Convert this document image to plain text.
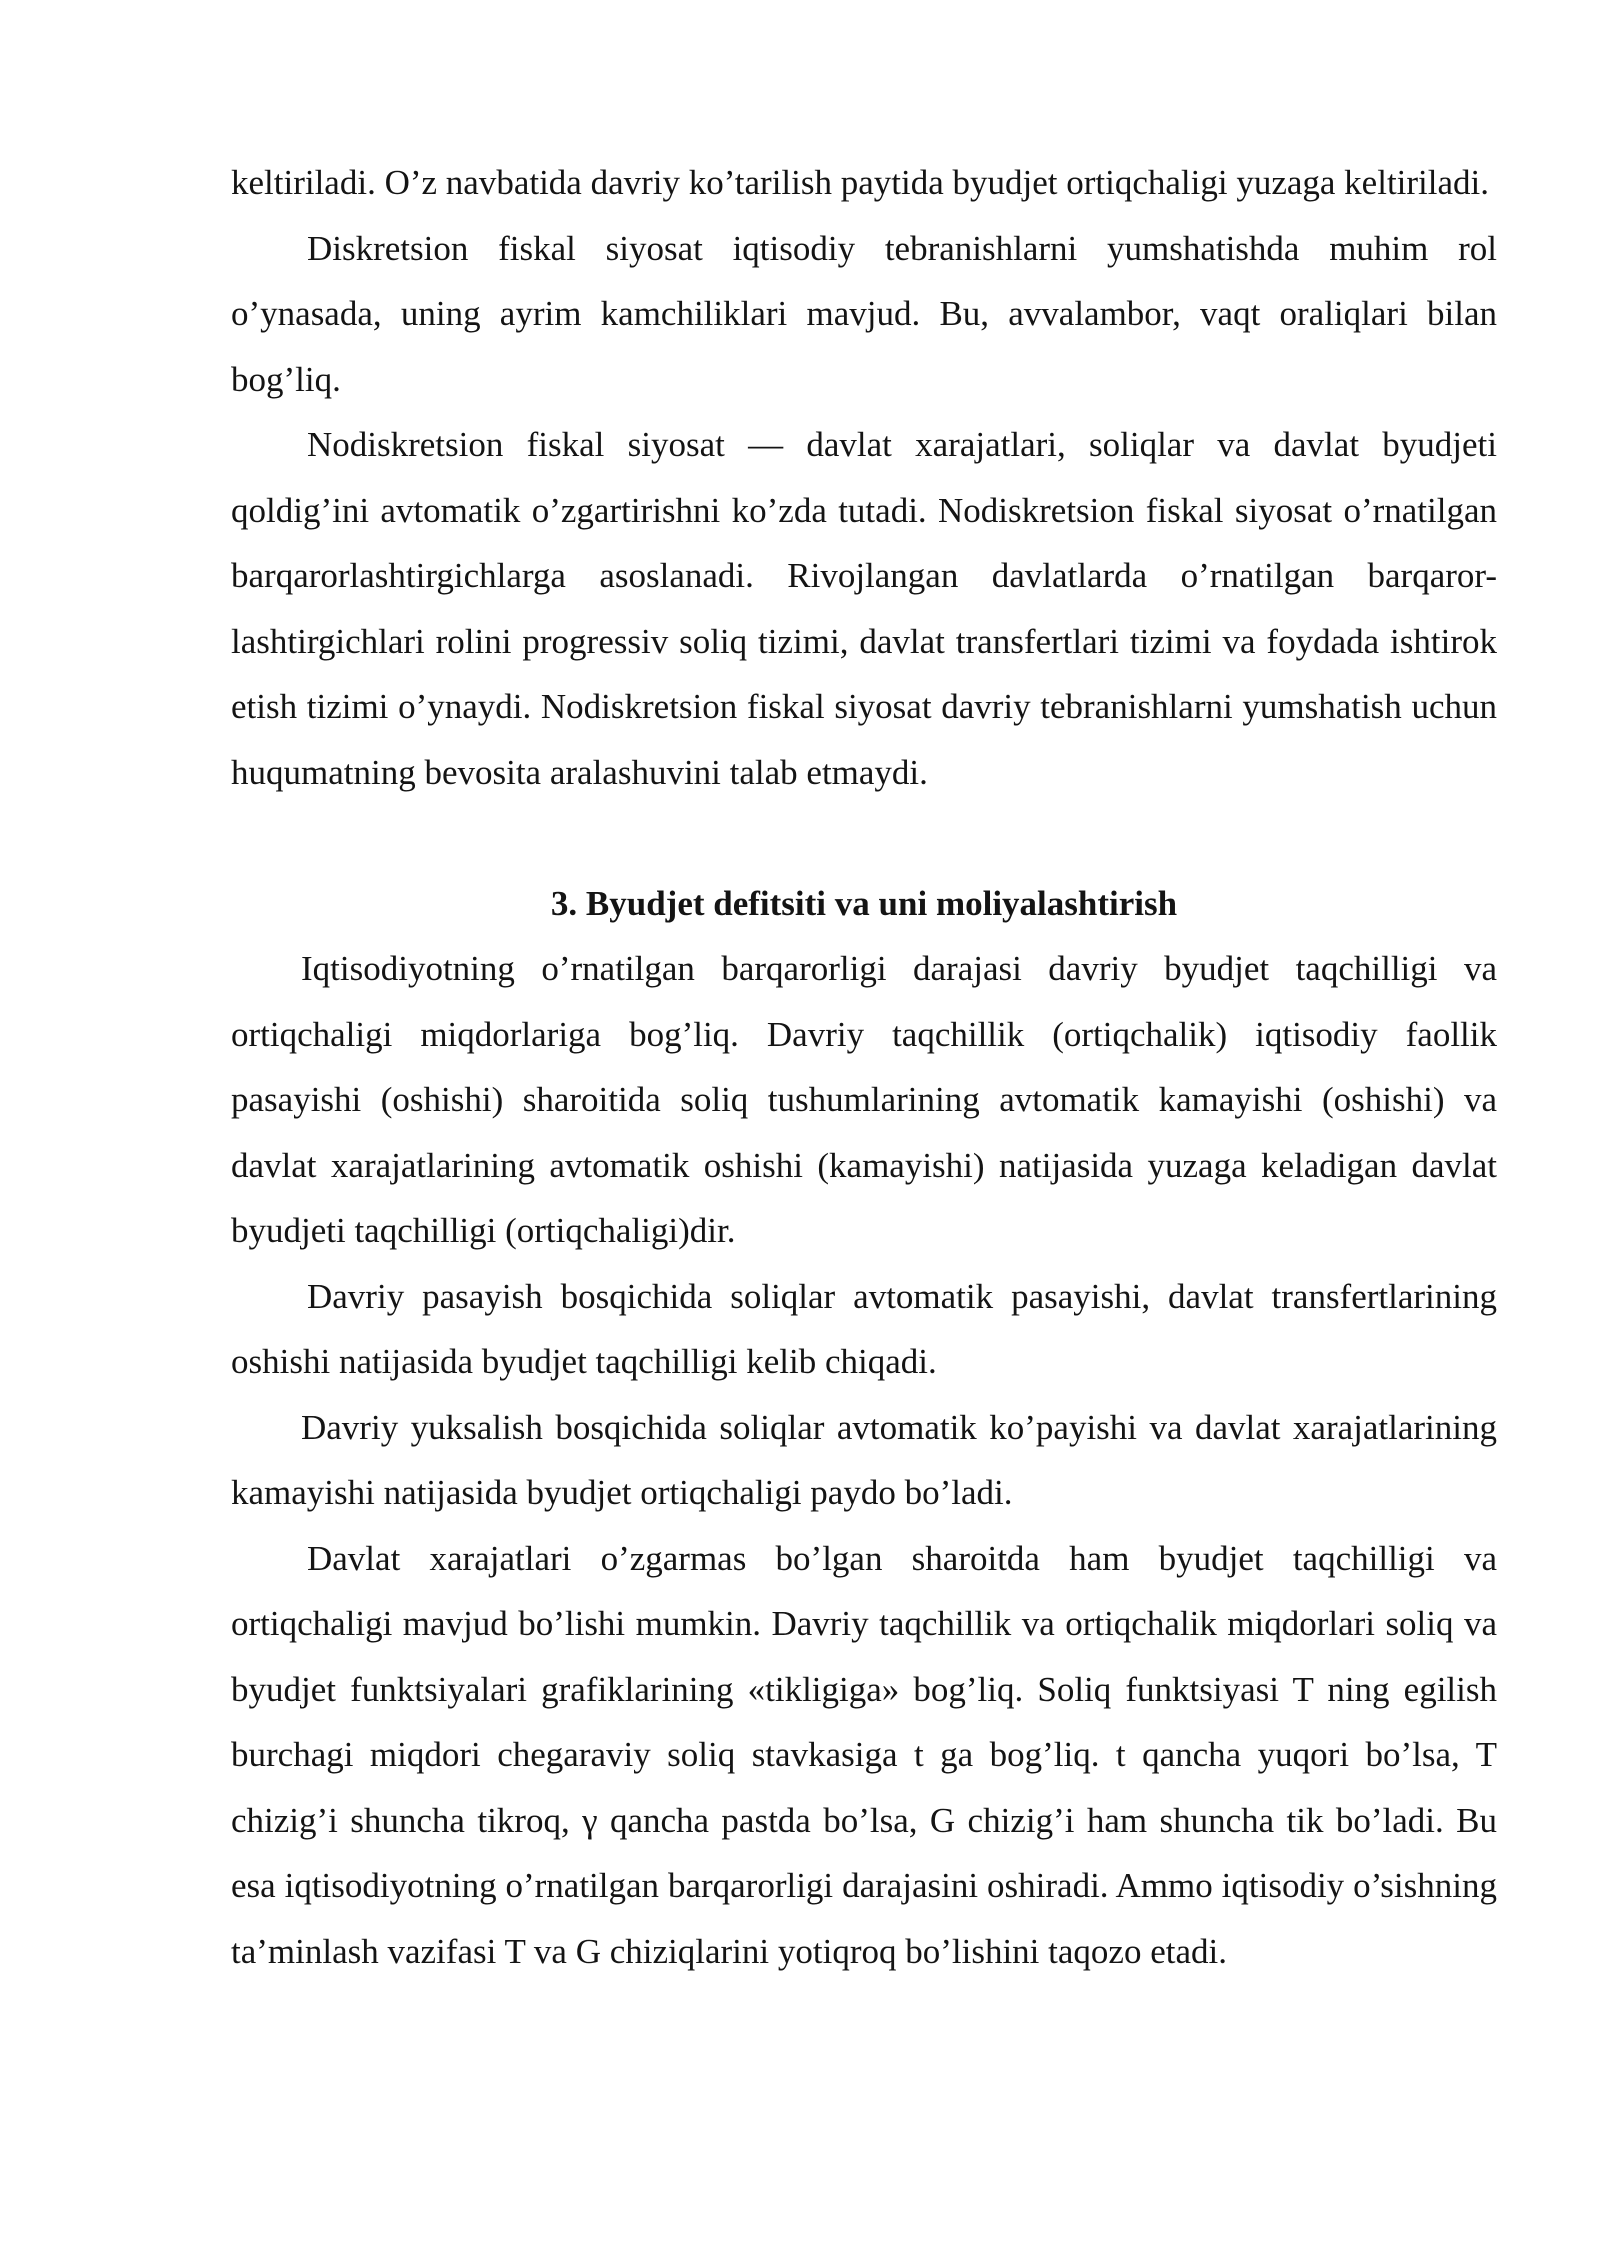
keltiriladi. O’z navbatida davriy ko’tarilish paytida byudjet ortiqchaligi yuzaga keltiriladi.

Diskretsion fiskal siyosat iqtisodiy tebranishlarni yumshatishda muhim rol o’ynasada, uning ayrim kamchiliklari mavjud. Bu, avvalambor, vaqt oraliqlari bilan bog’liq.

Nodiskretsion fiskal siyosat — davlat xarajatlari, soliqlar va davlat byudjeti qoldig’ini avtomatik o’zgartirishni ko’zda tutadi. Nodiskretsion fiskal siyosat o’rnatilgan barqarorlashtirgichlarga asoslanadi. Rivojlangan davlatlarda o’rnatilgan barqaror-lashtirgichlari rolini progressiv soliq tizimi, davlat transfertlari tizimi va foydada ishtirok etish tizimi o’ynaydi. Nodiskretsion fiskal siyosat davriy tebranishlarni yumshatish uchun huqumatning bevosita aralashuvini talab etmaydi.

3. Byudjet defitsiti va uni moliyalashtirish

Iqtisodiyotning o’rnatilgan barqarorligi darajasi davriy byudjet taqchilligi va ortiqchaligi miqdorlariga bog’liq. Davriy taqchillik (ortiqchalik) iqtisodiy faollik pasayishi (oshishi) sharoitida soliq tushumlarining avtomatik kamayishi (oshishi) va davlat xarajatlarining avtomatik oshishi (kamayishi) natijasida yuzaga keladigan davlat byudjeti taqchilligi (ortiqchaligi)dir.

Davriy pasayish bosqichida soliqlar avtomatik pasayishi, davlat transfertlarining oshishi natijasida byudjet taqchilligi kelib chiqadi.

Davriy yuksalish bosqichida soliqlar avtomatik ko’payishi va davlat xarajatlarining kamayishi natijasida byudjet ortiqchaligi paydo bo’ladi.

Davlat xarajatlari o’zgarmas bo’lgan sharoitda ham byudjet taqchilligi va ortiqchaligi mavjud bo’lishi mumkin. Davriy taqchillik va ortiqchalik miqdorlari soliq va byudjet funktsiyalari grafiklarining «tikligiga» bog’liq. Soliq funktsiyasi T ning egilish burchagi miqdori chegaraviy soliq stavkasiga t ga bog’liq. t qancha yuqori bo’lsa, T chizig’i shuncha tikroq, γ qancha pastda bo’lsa, G chizig’i ham shuncha tik bo’ladi. Bu esa iqtisodiyotning o’rnatilgan barqarorligi darajasini oshiradi. Ammo iqtisodiy o’sishning ta’minlash vazifasi T va G chiziqlarini yotiqroq bo’lishini taqozo etadi.
